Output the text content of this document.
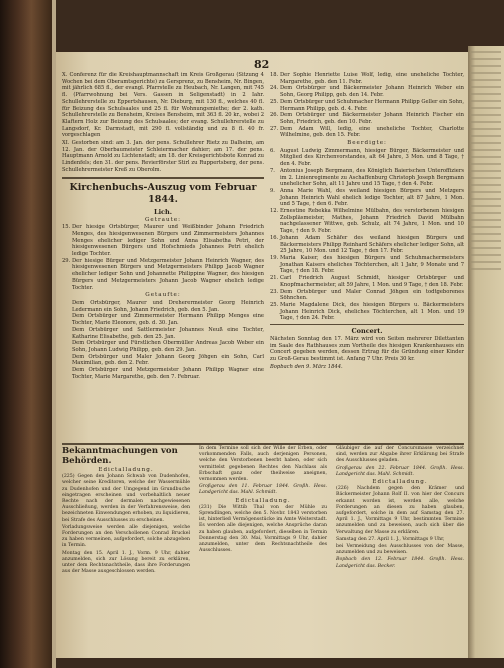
82

X. Conferenz für die Kreishauptmannschaft im Kreis Großgerau (Sitzung 4 Wochen bei dem Oberamtsgerichte) zu Gersprenz, zu Bensheim, Nr. Bingen, mit jährlich 685 fl., der evangl. Pfarrstelle zu Heubach, Nr. Langen, mit 745 fl. (Pfarrwohnung bei Vers. Gassen in Seligenstadt) in 2 Iahr. Schullehrerstelle zu Eppertshausen, Nr. Dieburg, mit 130 fl., welches 40 fl. für Beizung des Schulsaales und 25 fl. für Wohnungsmiethe; der 2. kath. Schullehrerstelle zu Bensheim, Kreises Bensheim, mit 363 fl. 20 kr., wobei 2 Klaftern Holz zur Beizung des Schulsaales; der evang. Schullehrerstelle zu Langsdorf, Kr. Darmstadt, mit 290 fl. vollständig und zu 8 fl. 40 fr. vorgeschlagen

XI. Gestorben sind: am 3. Jan. der pens. Schullehrer Rietz zu Dalheim, am 12. Jan. der Oberbaumeister Schleiermacher dahier; am 17. der pens. Hauptmann Arnold zu Lichtenstadt; am 18. der Kreisgerichtsbote Konrad zu Lindenfels; den 31. der pens. Revierförster Stirl zu Ruppertsberg, der pens. Schullehrermeister Kreß zu Oberolm.

Kirchenbuchs-Auszug vom Februar 1844.
Lich.
Getraute:
15. Der hiesige Ortsbürger, Maurer und Weißbinder Johann Friedrich Menges, des hiesigenwesenen Bürgers und Zimmermeisters Johannes Menges ehelicher lediger Sohn und Anna Elisabetha Petri, der hiesigenwesenen Bürgers und Hofschmieds Johannes Petri ehelich ledige Tochter.
29. Der hiesige Bürger und Metzgermeister Johann Heinrich Wagner, des hiesigenwesenen Bürgers und Metzgermeisters Philipp Jacob Wagner ehelicher lediger Sohn und Johannette Philippine Wagner, des hiesigen Bürgers und Metzgermeisters Johann Jacob Wagner ehelich ledige Tochter.
Getaufte:
Dem Ortsbürger, Maurer und Dreherermeister Georg Heinrich Ledermann ein Sohn, Johann Friedrich, geb. den 5. Jan.
Dem Ortsbürger und Zimmermeister Hermann Philipp Menges eine Tochter, Marie Eleonore, geb. d. 30. Jan.
Dem Ortsbürger und Sattlermeister Johannes Neuß eine Tochter, Katharine Elisabethe, geb. den 25. Jan.
Dem Ortsbürger und Fürstlichen Obermüller Andreas Jacob Weber ein Sohn, Johann Ludwig Philipp, geb. den 29. Jan.
Dem Ortsbürger und Maler Johann Georg Jöhgen ein Sohn, Carl Maximilian, geb. den 2. Febr.
Dem Ortsbürger und Metzgermeister Johann Philipp Wagner eine Tochter, Marie Margarethe, geb. den 7. Februar.
18. Der Sophie Henriette Luise Wolf, ledig, eine uneheliche Tochter, Margarethe, geb. den 11. Febr.
24. Dem Ortsbürger und Bäckermeister Johann Heinrich Weber ein Sohn, Georg Philipp, geb. den 14. Febr.
25. Dem Ortsbürger und Schuhmacher Hermann Philipp Geller ein Sohn, Hermann Philipp, geb. d. 4. Febr.
26. Dem Ortsbürger und Bäckermeister Johann Heinrich Fischer ein Sohn, Friedrich, geb. den 10. Febr.
27. Dem Adam Will, ledig, eine uneheliche Tochter, Charlotte Wilhelmine, geb. den 15. Febr.
Beerdigte:
6. August Ludwig Zimmermann, hiesiger Bürger, Bäckermeister und Mitglied des Kirchenvorstandes, alt 64 Jahre, 3 Mon. und 8 Tage, † den 4. Febr.
7. Antonius Joseph Bergmann, des Königlich Baierischen Unteroffiziers im 2. Linienregimente zu Aschaffenburg Christoph Joseph Bergmann unehelicher Sohn, alt 11 Jahre und 15 Tage, † den 4. Febr.
9. Anna Marie Wahl, des weiland hiesigen Bürgers und Metzgers Johann Heinrich Wahl ehelich ledige Tochter, alt 87 Jahre, 1 Mon. und 5 Tage, † den 6. Febr.
12. Ernestine Rebekka Wilhelmine Mülbahn, des verstorbenen hiesigen Zollspläsmeister, Mathes, Johann Friedrich David Mülbahn nachgelassener Wittwe, geb. Schulz, alt 74 Jahre, 1 Mon. und 10 Tage, † den 9. Febr.
16. Johann Adam Schäfer des weiland hiesigen Bürgers und Bäckermeisters Philipp Reinhard Schäfers ehelicher lediger Sohn, alt 25 Jahre, 10 Mon. und 12 Tage, † den 17. Febr.
19. Maria Kaiser, des hiesigen Bürgers und Schuhmachermeisters Jonathan Kaisers eheliches Töchterchen, alt 1 Jahr, 9 Monate und 7 Tage, † den 18. Febr.
21. Carl Friedrich August Schmidt, hiesiger Ortsbürger und Knopfmachermeister, alt 59 Jahre, 1 Mon. und 9 Tage, † den 18. Febr.
23. Dem Ortsbürger und Maler Conrad Jöhgen ein todtgeborenes Söhnchen.
25. Marie Magdalene Dick, des hiesigen Bürgers u. Bäckermeisters Johann Heinrich Dick, eheliches Töchterchen, alt 1 Mon. und 19 Tage, † den 24. Febr.
Concert.

Nächsten Sonntag den 17. März wird von Seiten mehrerer Dilettanten im Saale des Rathhauses zum Vortheile des hiesigen Krankenhauses ein Concert gegeben werden, dessen Ertrag für die Gründung einer Kinder zu Groß-Gerau bestimmt ist. Anfang 7 Uhr. Preis 30 kr.

Bopbach den 9. März 1844.

Bekanntmachungen von Behörden.
Edictalladung.

(225) Gegen den Johann Schwab von Dudenhofen, welcher seine Kreditoren, welche der Wassermühle zu Dudenhofen und der Umgegend im Grundbuche eingetragen erscheinen und vorbehaltlich neuer Rechte nach der dermalen nachgewiesenen Ausschließung, werden in der Verfahrensweise, den bezeichneten Einwendungen erhoben, zu liquidieren, bei Strafe des Ausschlusses zu erscheinen.

Vorladungsweise werden alle diejenigen, welche Forderungen an den Verschollenen Conrad Bruckel zu haben vermeinen, aufgefordert, solche abzugeben in Termin.

Montag den 15. April 1. J., Vorm. 9 Uhr, dahier anzumelden, sich zur Lösung bereit zu erklären, unter dem Rechtsnachtheile, dass ihre Forderungen aus der Masse ausgeschlossen werden.

In dem Termine soll sich der Wille der Erben, oder vorkommenden Falls, auch derjenigen Personen, welche den Verstorbenen beerbt haben, oder sich vermittelst gegebenen Rechtes den Nachlass als Erbschaft ganz oder theilweise aneignen, vernommen werden.

Großgerau den 11. Februar 1844. Großh. Hess. Landgericht das. Mahl. Schmidt.

Edictalladung.

(231) Die Wittib Thal von der Mühle zu Sprendlingen, welche den 5. Novbr. 1843 verstorben ist, hinterließ Vermögensstücke im Amte Weiterstadt. Es werden alle diejenigen, welche Ansprüche daran zu haben glauben, aufgefordert, dieselben in Termin Donnerstag den 30. Mai, Vormittags 9 Uhr, dahier anzumelden, unter dem Rechtsnachtheile des Ausschlusses.

Gläubiger die auf der Concursmasse verzeichnet sind, werden zur Abgabe ihrer Erklärung bei Strafe des Ausschlusses geladen.

Großgerau den 22. Februar 1844. Großh. Hess. Landgericht das. Mahl. Schmidt.

Edictalladung.

(226) Nachdem gegen den Krämer und Bäckermeister Johann Rolf II. von hier der Concurs erkannt worden ist, werden alle, welche Forderungen an diesen zu haben glauben, aufgefordert, solche in dem auf Samstag den 27. April 1. J., Vormittags 9 Uhr, bestimmten Termine anzumelden und zu beweisen, auch sich über die Verwaltung der Masse zu erklären.

Samstag den 27. April 1. J., Vormittags 9 Uhr,

bei Vermeidung des Ausschlusses von der Masse, anzumelden und zu beweisen.

Bopbach den 12. Februar 1844. Großh. Hess. Landgericht das. Becker.
